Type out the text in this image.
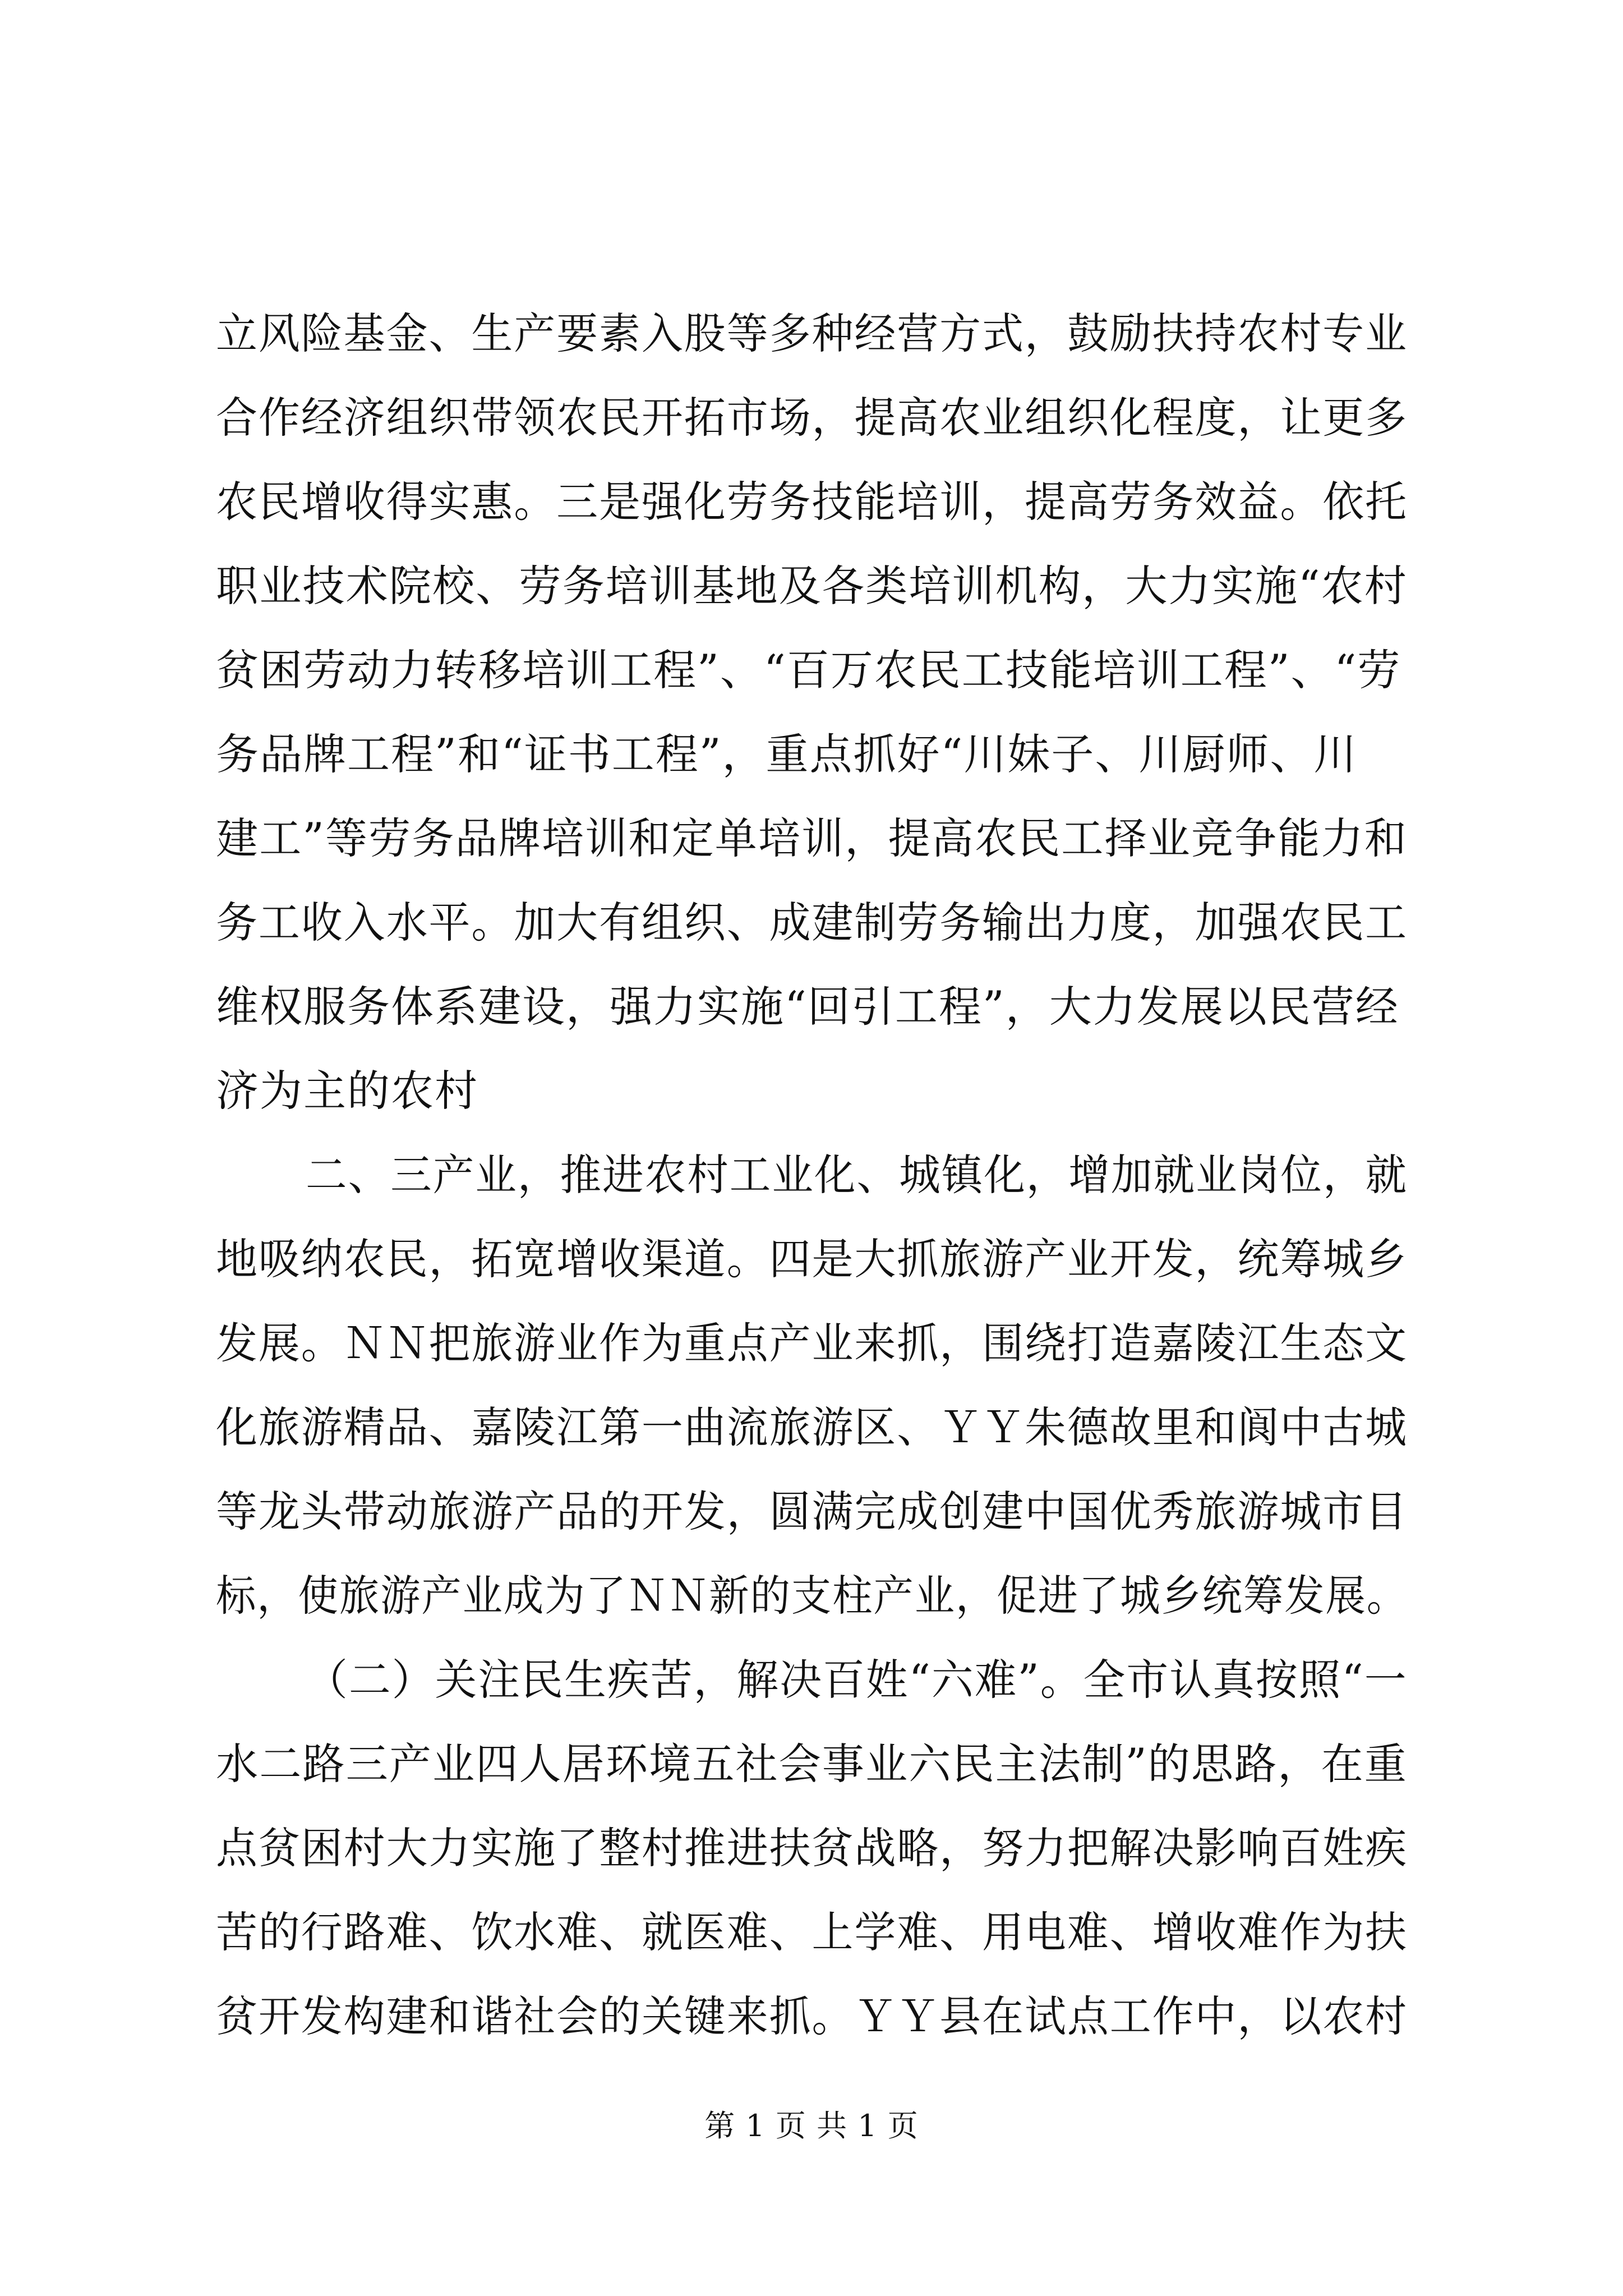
立风险基金、生产要素入股等多种经营方式，鼓励扶持农村专业
合作经济组织带领农民开拓市场，提高农业组织化程度，让更多
农民增收得实惠。三是强化劳务技能培训，提高劳务效益。依托
职业技术院校、劳务培训基地及各类培训机构，大力实施“农村
贫困劳动力转移培训工程”、“百万农民工技能培训工程”、“劳
务品牌工程”和“证书工程”，重点抓好“川妹子、川厨师、川
建工”等劳务品牌培训和定单培训，提高农民工择业竞争能力和
务工收入水平。加大有组织、成建制劳务输出力度，加强农民工
维权服务体系建设，强力实施“回引工程”，大力发展以民营经
济为主的农村
二、三产业，推进农村工业化、城镇化，增加就业岗位，就
地吸纳农民，拓宽增收渠道。四是大抓旅游产业开发，统筹城乡
发展。ＮＮ把旅游业作为重点产业来抓，围绕打造嘉陵江生态文
化旅游精品、嘉陵江第一曲流旅游区、ＹＹ朱德故里和阆中古城
等龙头带动旅游产品的开发，圆满完成创建中国优秀旅游城市目
标，使旅游产业成为了ＮＮ新的支柱产业，促进了城乡统筹发展。
（二）关注民生疾苦，解决百姓“六难”。全市认真按照“一
水二路三产业四人居环境五社会事业六民主法制”的思路，在重
点贫困村大力实施了整村推进扶贫战略，努力把解决影响百姓疾
苦的行路难、饮水难、就医难、上学难、用电难、增收难作为扶
贫开发构建和谐社会的关键来抓。ＹＹ县在试点工作中，以农村
第 1 页 共 1 页
